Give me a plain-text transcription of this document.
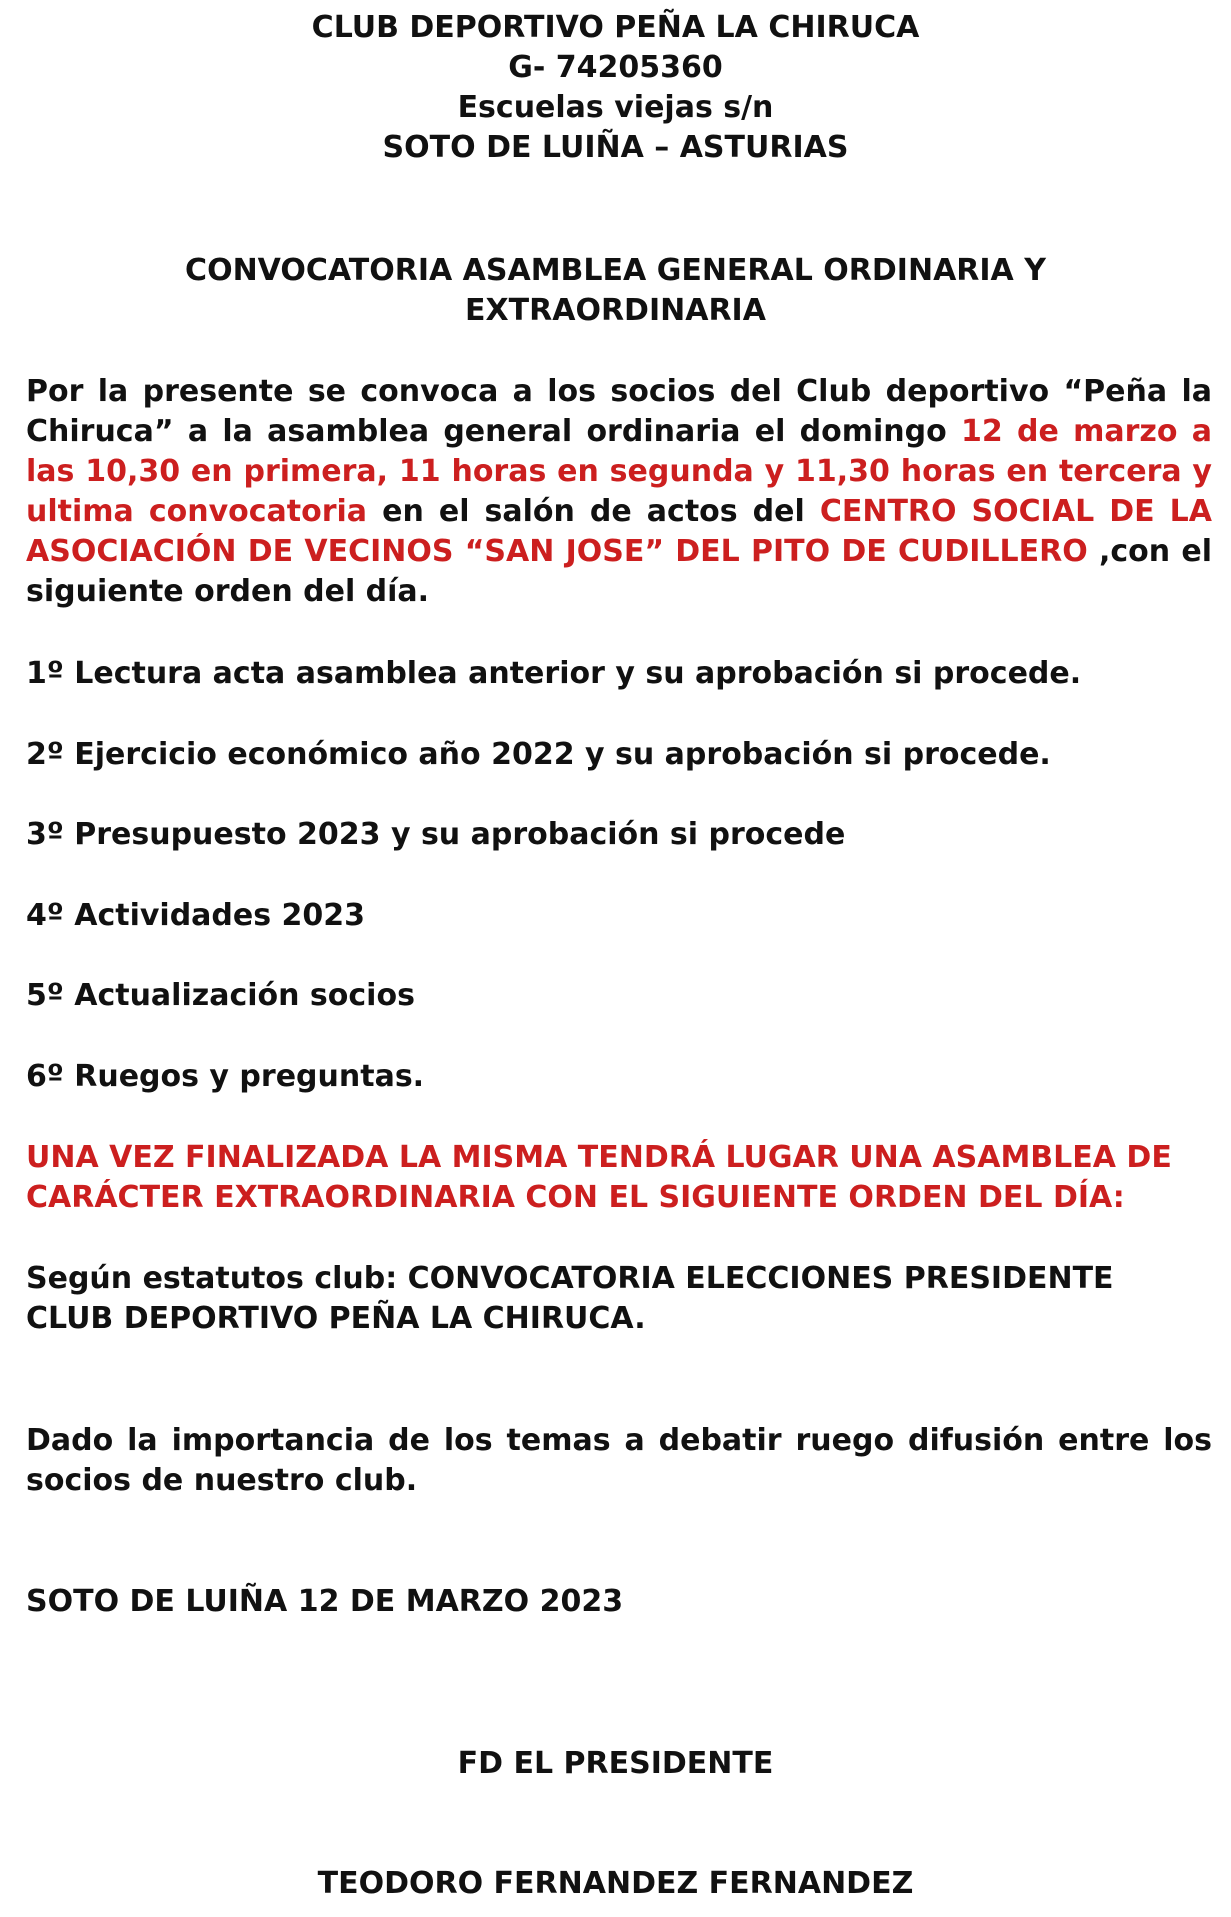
CLUB DEPORTIVO PEÑA LA CHIRUCA
G- 74205360
Escuelas viejas s/n
SOTO DE LUIÑA – ASTURIAS
CONVOCATORIA ASAMBLEA GENERAL ORDINARIA Y
EXTRAORDINARIA
Por la presente se convoca a los socios del Club deportivo “Peña la Chiruca” a la asamblea general ordinaria el domingo 12 de marzo a las 10,30 en primera, 11 horas en segunda y 11,30 horas en tercera y ultima convocatoria en el salón de actos del CENTRO SOCIAL DE LA ASOCIACIÓN DE VECINOS “SAN JOSE” DEL PITO DE CUDILLERO ,con el siguiente orden del día.
1º Lectura acta asamblea anterior y su aprobación si procede.
2º Ejercicio económico año 2022 y su aprobación si procede.
3º Presupuesto 2023 y su aprobación si procede
4º Actividades 2023
5º Actualización socios
6º Ruegos y preguntas.
UNA VEZ FINALIZADA LA MISMA TENDRÁ LUGAR UNA ASAMBLEA DE
CARÁCTER EXTRAORDINARIA CON EL SIGUIENTE ORDEN DEL DÍA:
Según estatutos club: CONVOCATORIA ELECCIONES PRESIDENTE
CLUB DEPORTIVO PEÑA LA CHIRUCA.
Dado la importancia de los temas a debatir ruego difusión entre los socios de nuestro club.
SOTO DE LUIÑA 12 DE MARZO 2023
FD EL PRESIDENTE
TEODORO FERNANDEZ FERNANDEZ
